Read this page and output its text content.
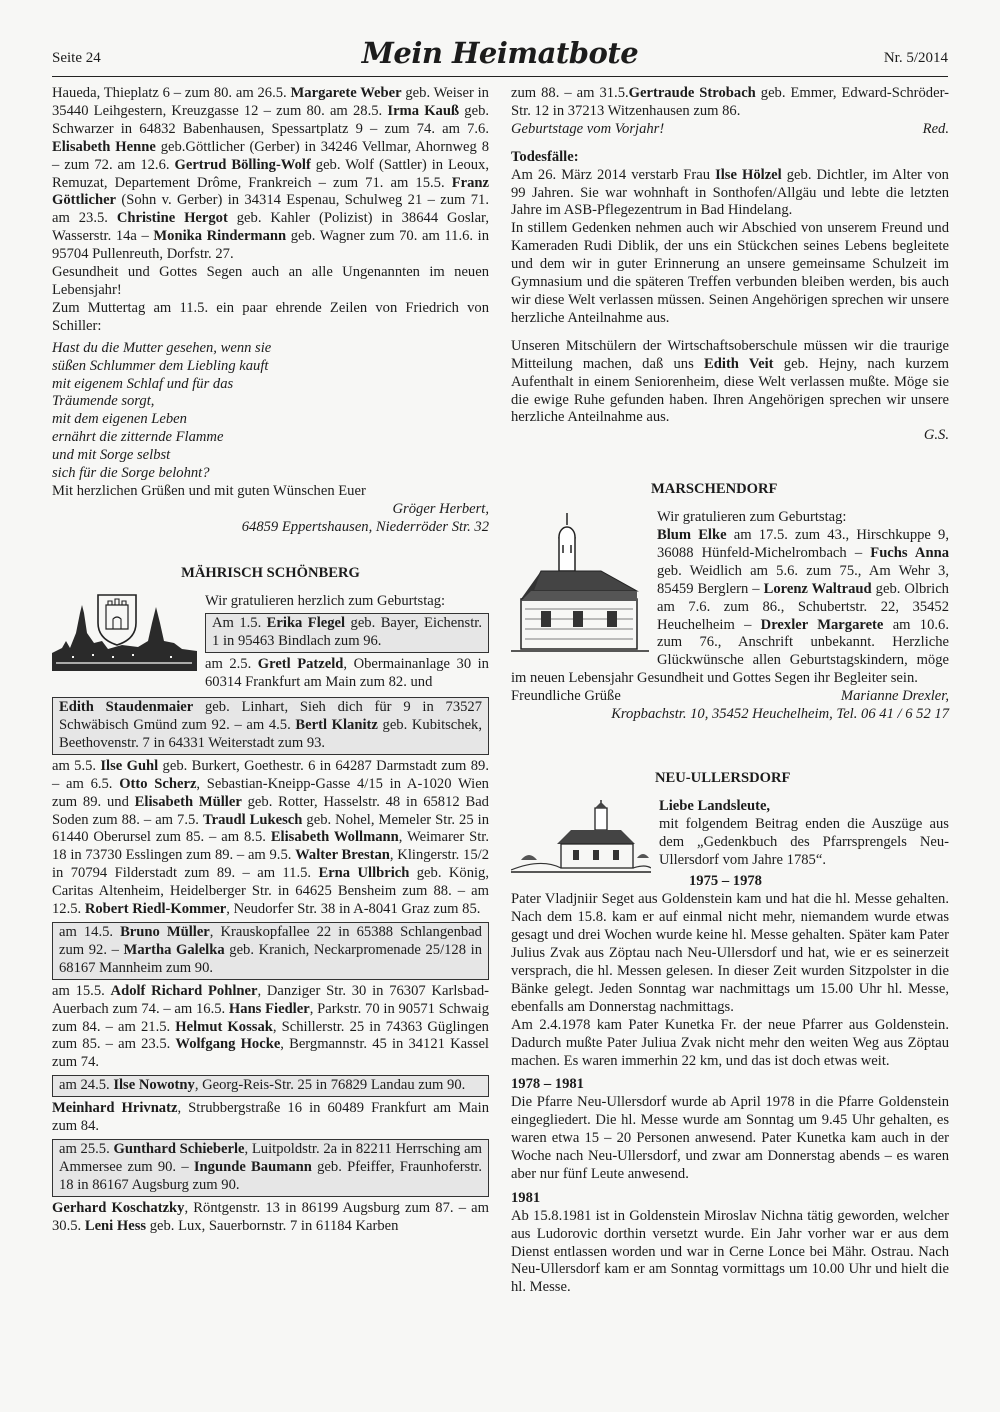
Seite 24	Mein Heimatbote	Nr. 5/2014

Haueda, Thieplatz 6 – zum 80. am 26.5. Margarete Weber geb. Weiser in 35440 Leihgestern, Kreuzgasse 12 – zum 80. am 28.5. Irma Kauß geb. Schwarzer in 64832 Babenhausen, Spessartplatz 9 – zum 74. am 7.6. Elisabeth Henne geb.Göttlicher (Gerber) in 34246 Vellmar, Ahornweg 8 – zum 72. am 12.6. Gertrud Bölling-Wolf geb. Wolf (Sattler) in Leoux, Remuzat, Departement Drôme, Frankreich – zum 71. am 15.5. Franz Göttlicher (Sohn v. Gerber) in 34314 Espenau, Schulweg 21 – zum 71. am 23.5. Christine Hergot geb. Kahler (Polizist) in 38644 Goslar, Wasserstr. 14a – Monika Rindermann geb. Wagner zum 70. am 11.6. in 95704 Pullenreuth, Dorfstr. 27.

Gesundheit und Gottes Segen auch an alle Ungenannten im neuen Lebensjahr!

Zum Muttertag am 11.5. ein paar ehrende Zeilen von Friedrich von Schiller:

Hast du die Mutter gesehen, wenn sie
süßen Schlummer dem Liebling kauft
mit eigenem Schlaf und für das
Träumende sorgt,
mit dem eigenen Leben
ernährt die zitternde Flamme
und mit Sorge selbst
sich für die Sorge belohnt?

Mit herzlichen Grüßen und mit guten Wünschen Euer

Gröger Herbert,

64859 Eppertshausen, Niederröder Str. 32

MÄHRISCH SCHÖNBERG

Wir gratulieren herzlich zum Geburtstag:

Am 1.5. Erika Flegel geb. Bayer, Eichenstr. 1 in 95463 Bindlach zum 96.

am 2.5. Gretl Patzeld, Obermainanlage 30 in 60314 Frankfurt am Main zum 82. und

Edith Staudenmaier geb. Linhart, Sieh dich für 9 in 73527 Schwäbisch Gmünd zum 92. – am 4.5. Bertl Klanitz geb. Kubitschek, Beethovenstr. 7 in 64331 Weiterstadt zum 93.

am 5.5. Ilse Guhl geb. Burkert, Goethestr. 6 in 64287 Darmstadt zum 89. – am 6.5. Otto Scherz, Sebastian-Kneipp-Gasse 4/15 in A-1020 Wien zum 89. und Elisabeth Müller geb. Rotter, Hasselstr. 48 in 65812 Bad Soden zum 88. – am 7.5. Traudl Lukesch geb. Nohel, Memeler Str. 25 in 61440 Oberursel zum 85. – am 8.5. Elisabeth Wollmann, Weimarer Str. 18 in 73730 Esslingen zum 89. – am 9.5. Walter Brestan, Klingerstr. 15/2 in 70794 Filderstadt zum 89. – am 11.5. Erna Ullbrich geb. König, Caritas Altenheim, Heidelberger Str. in 64625 Bensheim zum 88. – am 12.5. Robert Riedl-Kommer, Neudorfer Str. 38 in A-8041 Graz zum 85.

am 14.5. Bruno Müller, Krauskopfallee 22 in 65388 Schlangenbad zum 92. – Martha Galelka geb. Kranich, Neckarpromenade 25/128 in 68167 Mannheim zum 90.

am 15.5. Adolf Richard Pohlner, Danziger Str. 30 in 76307 Karlsbad-Auerbach zum 74. – am 16.5. Hans Fiedler, Parkstr. 70 in 90571 Schwaig zum 84. – am 21.5. Helmut Kossak, Schillerstr. 25 in 74363 Güglingen zum 85. – am 23.5. Wolfgang Hocke, Bergmannstr. 45 in 34121 Kassel zum 74.

am 24.5. Ilse Nowotny, Georg-Reis-Str. 25 in 76829 Landau zum 90.

Meinhard Hrivnatz, Strubbergstraße 16 in 60489 Frankfurt am Main zum 84.

am 25.5. Gunthard Schieberle, Luitpoldstr. 2a in 82211 Herrsching am Ammersee zum 90. – Ingunde Baumann geb. Pfeiffer, Fraunhoferstr. 18 in 86167 Augsburg zum 90.

Gerhard Koschatzky, Röntgenstr. 13 in 86199 Augsburg zum 87. – am 30.5. Leni Hess geb. Lux, Sauerbornstr. 7 in 61184 Karben

zum 88. – am 31.5.Gertraude Strobach geb. Emmer, Edward-Schröder-Str. 12 in 37213 Witzenhausen zum 86.

Geburtstage vom Vorjahr!	Red.

Todesfälle:

Am 26. März 2014 verstarb Frau Ilse Hölzel geb. Dichtler, im Alter von 99 Jahren. Sie war wohnhaft in Sonthofen/Allgäu und lebte die letzten Jahre im ASB-Pflegezentrum in Bad Hindelang.

In stillem Gedenken nehmen auch wir Abschied von unserem Freund und Kameraden Rudi Diblik, der uns ein Stückchen seines Lebens begleitete und dem wir in guter Erinnerung an unsere gemeinsame Schulzeit im Gymnasium und die späteren Treffen verbunden bleiben werden, bis auch wir diese Welt verlassen müssen. Seinen Angehörigen sprechen wir unsere herzliche Anteilnahme aus.

Unseren Mitschülern der Wirtschaftsoberschule müssen wir die traurige Mitteilung machen, daß uns Edith Veit geb. Hejny, nach kurzem Aufenthalt in einem Seniorenheim, diese Welt verlassen mußte. Möge sie die ewige Ruhe gefunden haben. Ihren Angehörigen sprechen wir unsere herzliche Anteilnahme aus.

G.S.

MARSCHENDORF

Wir gratulieren zum Geburtstag:

Blum Elke am 17.5. zum 43., Hirschkuppe 9, 36088 Hünfeld-Michelrombach – Fuchs Anna geb. Weidlich am 5.6. zum 75., Am Wehr 3, 85459 Berglern – Lorenz Waltraud geb. Olbrich am 7.6. zum 86., Schubertstr. 22, 35452 Heuchelheim – Drexler Margarete am 10.6. zum 76., Anschrift unbekannt. Herzliche Glückwünsche allen Geburtstagskindern, möge im neuen Lebensjahr Gesundheit und Gottes Segen ihr Begleiter sein.

Freundliche Grüße	Marianne Drexler,

Kropbachstr. 10, 35452 Heuchelheim, Tel. 06 41 / 6 52 17

NEU-ULLERSDORF

Liebe Landsleute,

mit folgendem Beitrag enden die Auszüge aus dem „Gedenkbuch des Pfarrsprengels Neu-Ullersdorf vom Jahre 1785“.

1975 – 1978

Pater Vladjniir Seget aus Goldenstein kam und hat die hl. Messe gehalten. Nach dem 15.8. kam er auf einmal nicht mehr, niemandem wurde etwas gesagt und drei Wochen wurde keine hl. Messe gehalten. Später kam Pater Julius Zvak aus Zöptau nach Neu-Ullersdorf und hat, wie er es seinerzeit versprach, die hl. Messen gelesen. In dieser Zeit wurden Sitzpolster in die Bänke gelegt. Jeden Sonntag war nachmittags um 15.00 Uhr hl. Messe, ebenfalls am Donnerstag nachmittags.

Am 2.4.1978 kam Pater Kunetka Fr. der neue Pfarrer aus Goldenstein. Dadurch mußte Pater Juliua Zvak nicht mehr den weiten Weg aus Zöptau machen. Es waren immerhin 22 km, und das ist doch etwas weit.

1978 – 1981

Die Pfarre Neu-Ullersdorf wurde ab April 1978 in die Pfarre Goldenstein eingegliedert. Die hl. Messe wurde am Sonntag um 9.45 Uhr gehalten, es waren etwa 15 – 20 Personen anwesend. Pater Kunetka kam auch in der Woche nach Neu-Ullersdorf, und zwar am Donnerstag abends – es waren aber nur fünf Leute anwesend.

1981

Ab 15.8.1981 ist in Goldenstein Miroslav Nichna tätig geworden, welcher aus Ludorovic dorthin versetzt wurde. Ein Jahr vorher war er aus dem Dienst entlassen worden und war in Cerne Lonce bei Mähr. Ostrau. Nach Neu-Ullersdorf kam er am Sonntag vormittags um 10.00 Uhr und hielt die hl. Messe.
